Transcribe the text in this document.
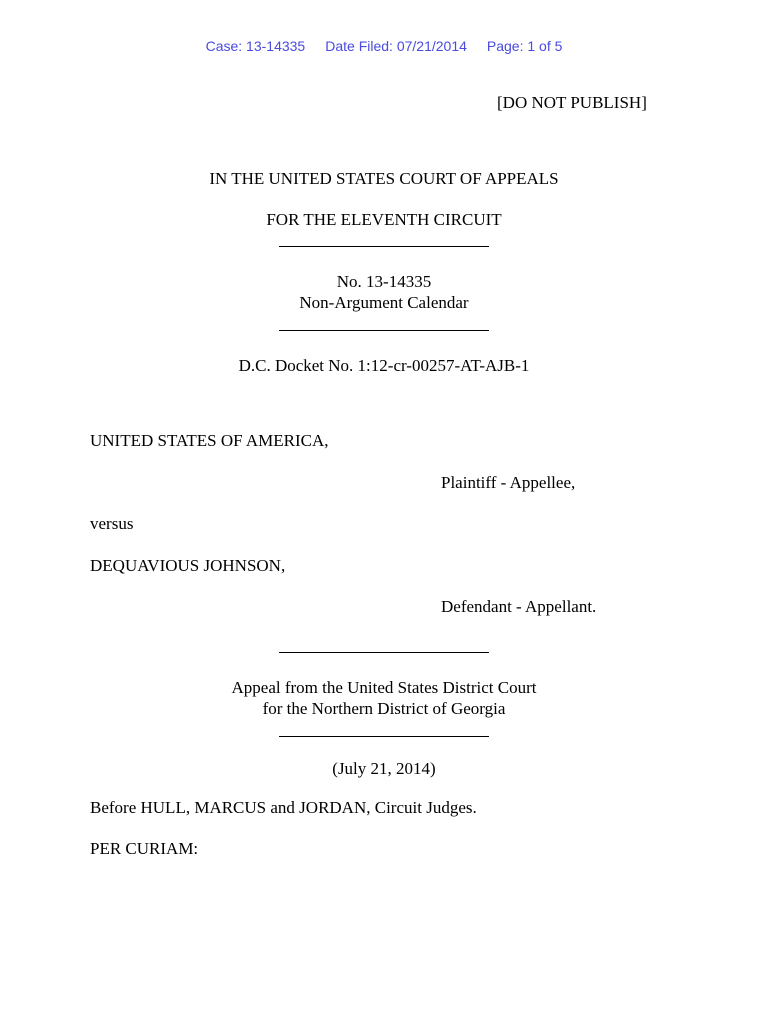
Case: 13-14335 Date Filed: 07/21/2014 Page: 1 of 5
[DO NOT PUBLISH]
IN THE UNITED STATES COURT OF APPEALS
FOR THE ELEVENTH CIRCUIT
No. 13-14335
Non-Argument Calendar
D.C. Docket No. 1:12-cr-00257-AT-AJB-1
UNITED STATES OF AMERICA,
Plaintiff - Appellee,
versus
DEQUAVIOUS JOHNSON,
Defendant - Appellant.
Appeal from the United States District Court
for the Northern District of Georgia
(July 21, 2014)
Before HULL, MARCUS and JORDAN, Circuit Judges.
PER CURIAM:
